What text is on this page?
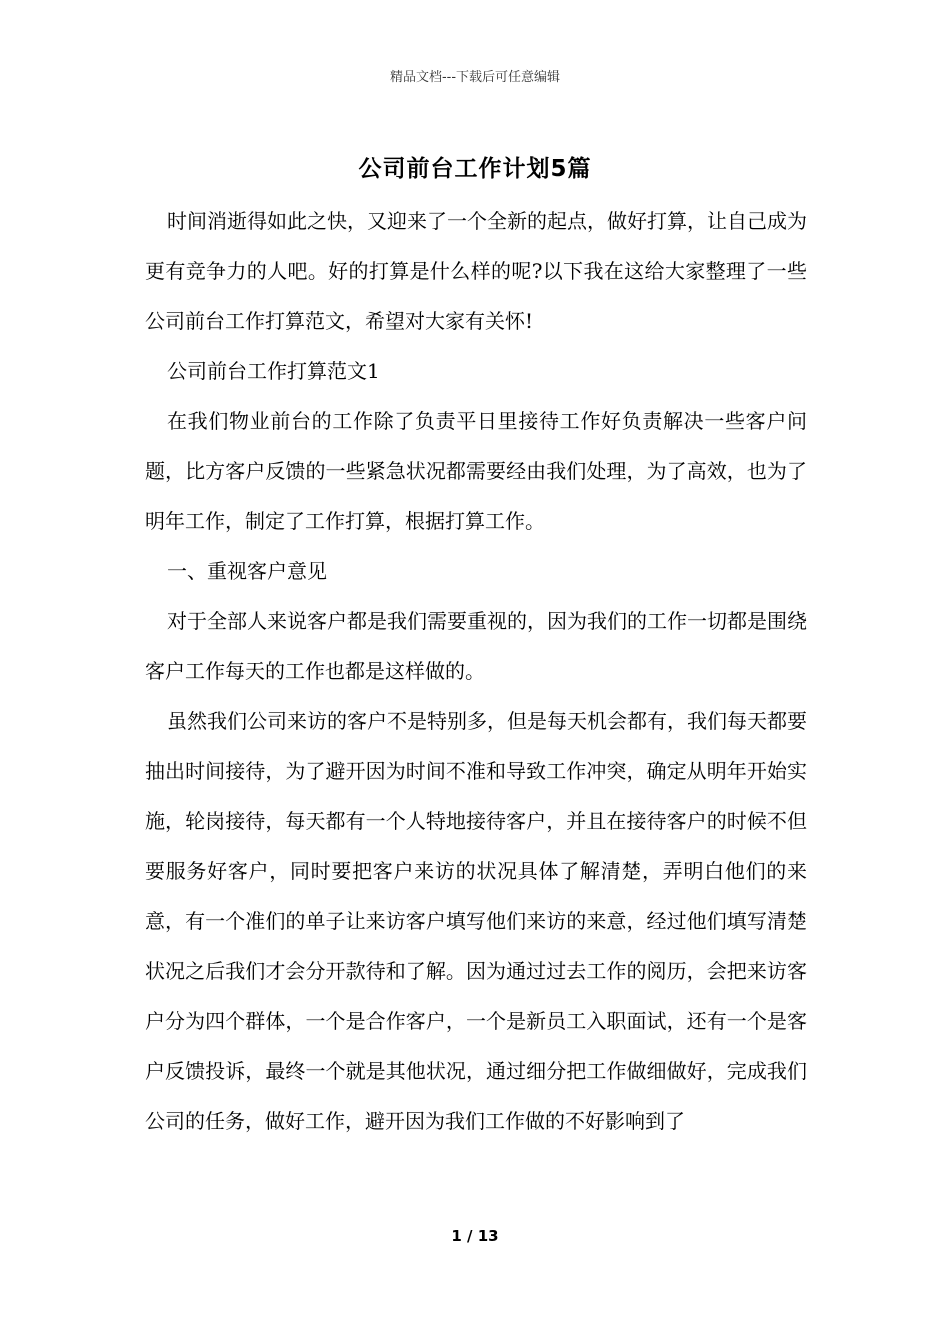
精品文档---下载后可任意编辑
公司前台工作计划5篇

时间消逝得如此之快，又迎来了一个全新的起点，做好打算，让自己成为更有竞争力的人吧。好的打算是什么样的呢?以下我在这给大家整理了一些公司前台工作打算范文，希望对大家有关怀!

公司前台工作打算范文1

在我们物业前台的工作除了负责平日里接待工作好负责解决一些客户问题，比方客户反馈的一些紧急状况都需要经由我们处理，为了高效，也为了明年工作，制定了工作打算，根据打算工作。

一、重视客户意见

对于全部人来说客户都是我们需要重视的，因为我们的工作一切都是围绕客户工作每天的工作也都是这样做的。

虽然我们公司来访的客户不是特别多，但是每天机会都有，我们每天都要抽出时间接待，为了避开因为时间不准和导致工作冲突，确定从明年开始实施，轮岗接待，每天都有一个人特地接待客户，并且在接待客户的时候不但要服务好客户，同时要把客户来访的状况具体了解清楚，弄明白他们的来意，有一个准们的单子让来访客户填写他们来访的来意，经过他们填写清楚状况之后我们才会分开款待和了解。因为通过过去工作的阅历，会把来访客户分为四个群体，一个是合作客户，一个是新员工入职面试，还有一个是客户反馈投诉，最终一个就是其他状况，通过细分把工作做细做好，完成我们公司的任务，做好工作，避开因为我们工作做的不好影响到了

1 / 13
